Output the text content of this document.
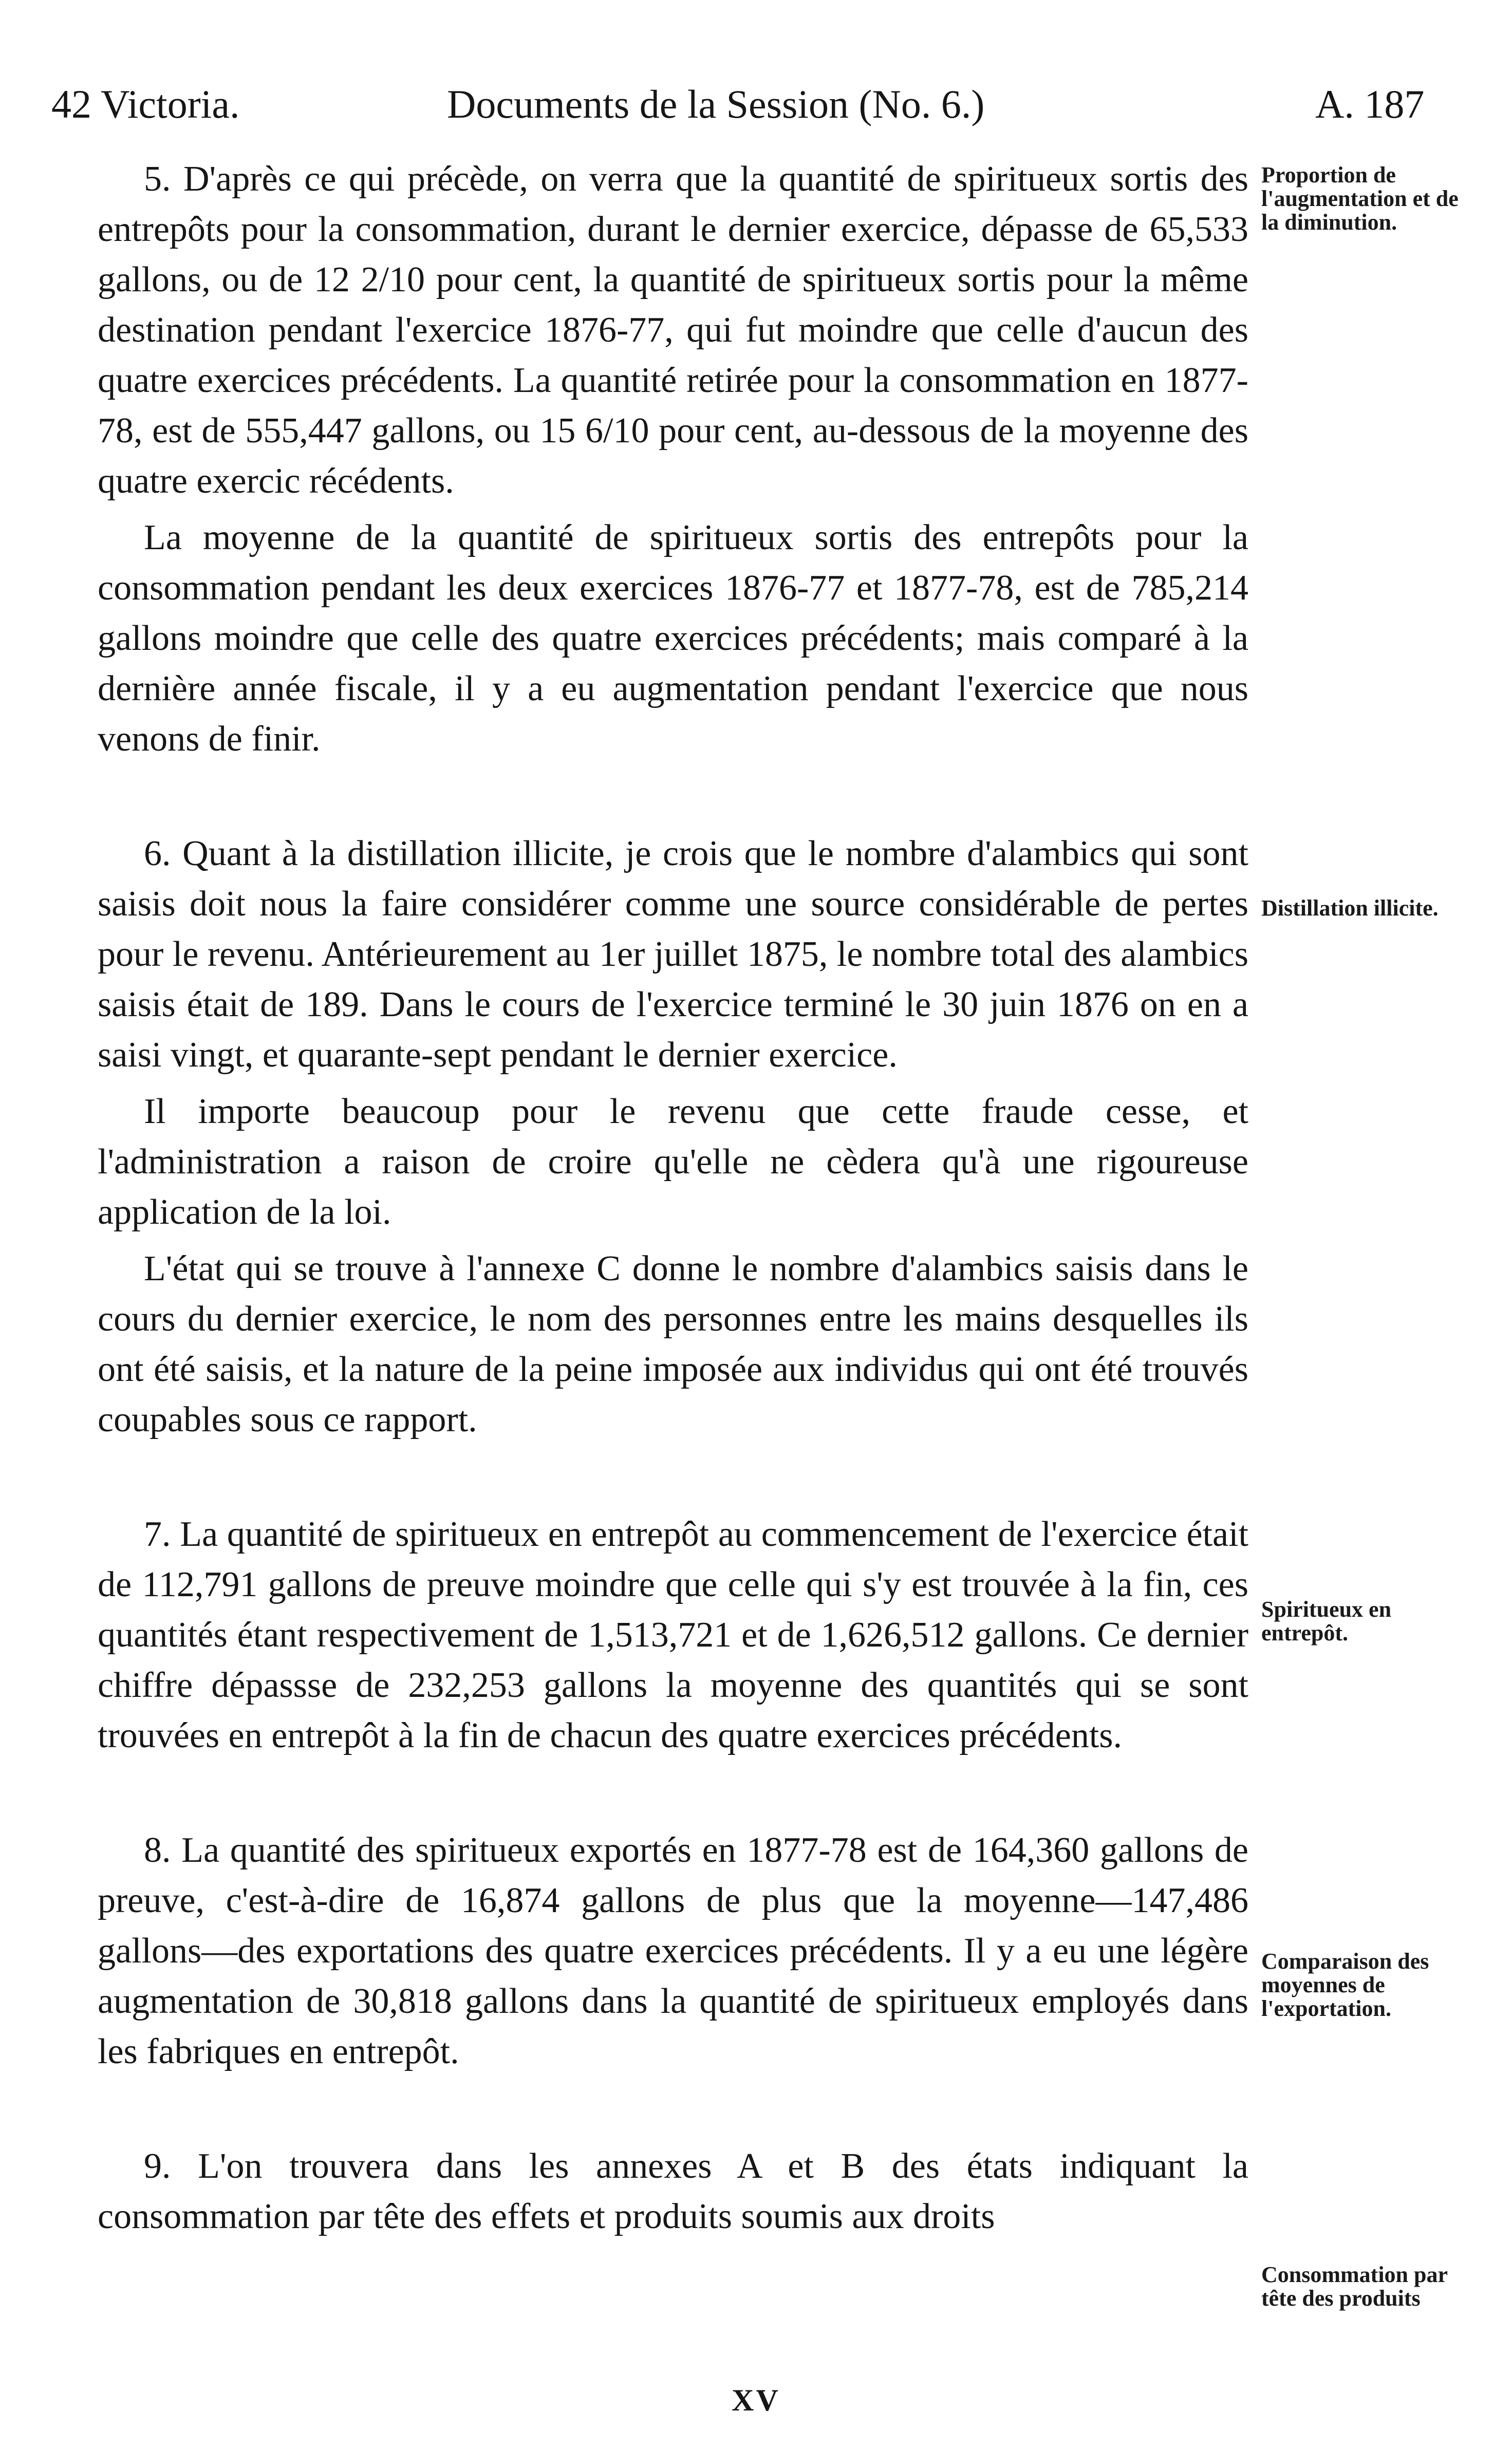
42 Victoria.	Documents de la Session (No. 6.)	A. 187

5. D'après ce qui précède, on verra que la quantité de spiritueux sortis des entrepôts pour la consommation, durant le dernier exercice, dépasse de 65,533 gallons, ou de 12 2/10 pour cent, la quantité de spiritueux sortis pour la même destination pendant l'exercice 1876-77, qui fut moindre que celle d'aucun des quatre exercices précédents. La quantité retirée pour la consommation en 1877-78, est de 555,447 gallons, ou 15 6/10 pour cent, au-dessous de la moyenne des quatre exercic récédents.

La moyenne de la quantité de spiritueux sortis des entrepôts pour la consommation pendant les deux exercices 1876-77 et 1877-78, est de 785,214 gallons moindre que celle des quatre exercices précédents; mais comparé à la dernière année fiscale, il y a eu augmentation pendant l'exercice que nous venons de finir.

6. Quant à la distillation illicite, je crois que le nombre d'alambics qui sont saisis doit nous la faire considérer comme une source considérable de pertes pour le revenu. Antérieurement au 1er juillet 1875, le nombre total des alambics saisis était de 189. Dans le cours de l'exercice terminé le 30 juin 1876 on en a saisi vingt, et quarante-sept pendant le dernier exercice.

Il importe beaucoup pour le revenu que cette fraude cesse, et l'administration a raison de croire qu'elle ne cèdera qu'à une rigoureuse application de la loi.

L'état qui se trouve à l'annexe C donne le nombre d'alambics saisis dans le cours du dernier exercice, le nom des personnes entre les mains desquelles ils ont été saisis, et la nature de la peine imposée aux individus qui ont été trouvés coupables sous ce rapport.

7. La quantité de spiritueux en entrepôt au commencement de l'exercice était de 112,791 gallons de preuve moindre que celle qui s'y est trouvée à la fin, ces quantités étant respectivement de 1,513,721 et de 1,626,512 gallons. Ce dernier chiffre dépassse de 232,253 gallons la moyenne des quantités qui se sont trouvées en entrepôt à la fin de chacun des quatre exercices précédents.

8. La quantité des spiritueux exportés en 1877-78 est de 164,360 gallons de preuve, c'est-à-dire de 16,874 gallons de plus que la moyenne—147,486 gallons—des exportations des quatre exercices précédents. Il y a eu une légère augmentation de 30,818 gallons dans la quantité de spiritueux employés dans les fabriques en entrepôt.

9. L'on trouvera dans les annexes A et B des états indiquant la consommation par tête des effets et produits soumis aux droits

Proportion de l'augmentation et de la diminution.
Distillation illicite.
Spiritueux en entrepôt.
Comparaison des moyennes de l'exportation.
Consommation par tête des produits
XV
